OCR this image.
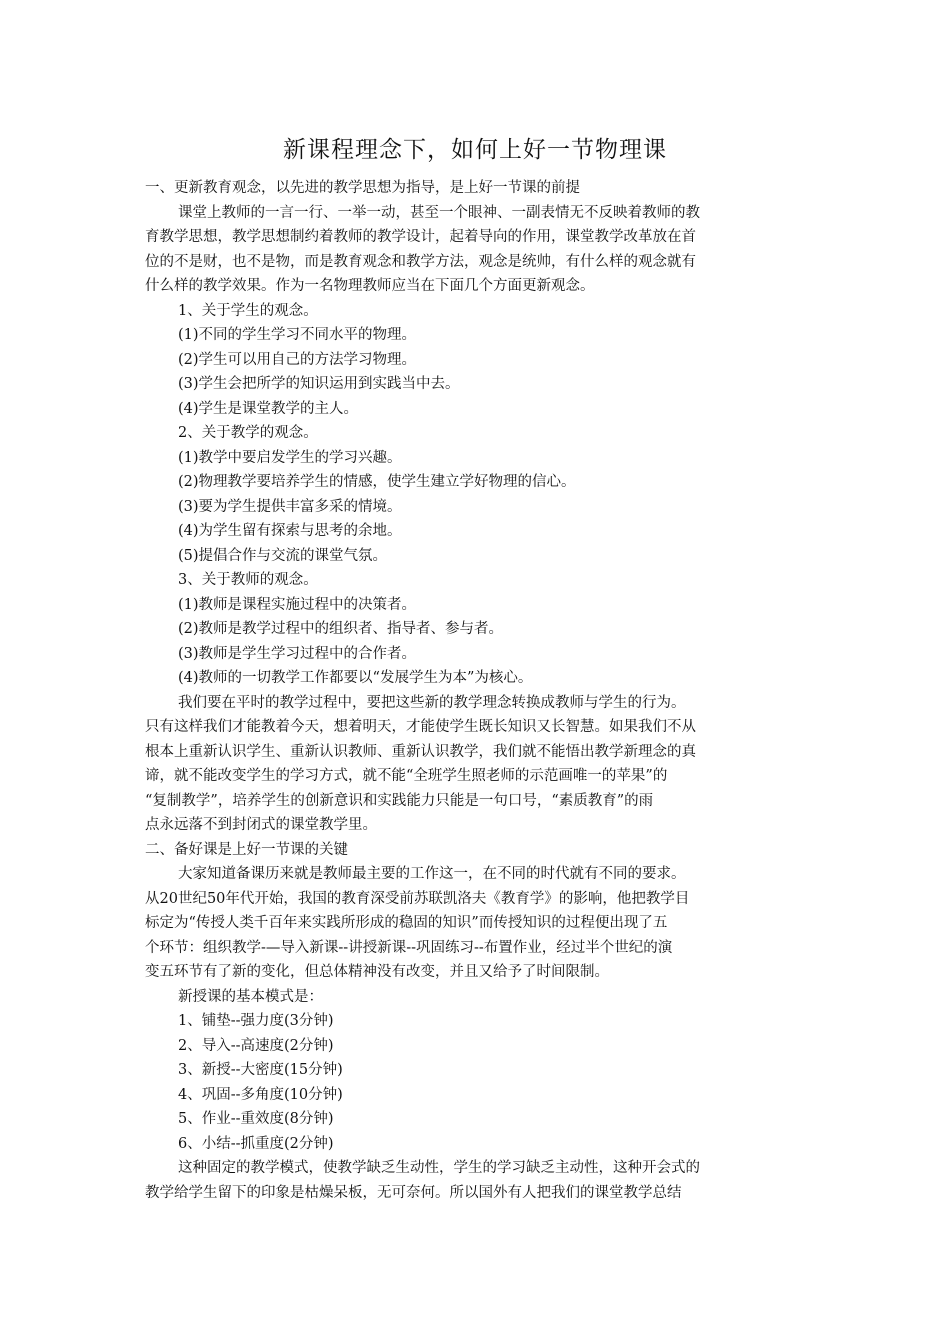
新课程理念下，如何上好一节物理课

一、更新教育观念，以先进的教学思想为指导，是上好一节课的前提

课堂上教师的一言一行、一举一动，甚至一个眼神、一副表情无不反映着教师的教

育教学思想，教学思想制约着教师的教学设计，起着导向的作用，课堂教学改革放在首

位的不是财，也不是物，而是教育观念和教学方法，观念是统帅，有什么样的观念就有

什么样的教学效果。作为一名物理教师应当在下面几个方面更新观念。

1、关于学生的观念。

(1)不同的学生学习不同水平的物理。

(2)学生可以用自己的方法学习物理。

(3)学生会把所学的知识运用到实践当中去。

(4)学生是课堂教学的主人。

2、关于教学的观念。

(1)教学中要启发学生的学习兴趣。

(2)物理教学要培养学生的情感，使学生建立学好物理的信心。

(3)要为学生提供丰富多采的情境。

(4)为学生留有探索与思考的余地。

(5)提倡合作与交流的课堂气氛。

3、关于教师的观念。

(1)教师是课程实施过程中的决策者。

(2)教师是教学过程中的组织者、指导者、参与者。

(3)教师是学生学习过程中的合作者。

(4)教师的一切教学工作都要以“发展学生为本”为核心。

我们要在平时的教学过程中，要把这些新的教学理念转换成教师与学生的行为。

只有这样我们才能教着今天，想着明天，才能使学生既长知识又长智慧。如果我们不从

根本上重新认识学生、重新认识教师、重新认识教学，我们就不能悟出教学新理念的真

谛，就不能改变学生的学习方式，就不能“全班学生照老师的示范画唯一的苹果”的

“复制教学”，培养学生的创新意识和实践能力只能是一句口号，“素质教育”的雨

点永远落不到封闭式的课堂教学里。

二、备好课是上好一节课的关键

大家知道备课历来就是教师最主要的工作这一，在不同的时代就有不同的要求。

从20世纪50年代开始，我国的教育深受前苏联凯洛夫《教育学》的影响，他把教学目

标定为“传授人类千百年来实践所形成的稳固的知识”而传授知识的过程便出现了五

个环节：组织教学-—导入新课--讲授新课--巩固练习--布置作业，经过半个世纪的演

变五环节有了新的变化，但总体精神没有改变，并且又给予了时间限制。

新授课的基本模式是：

1、铺垫--强力度(3分钟)

2、导入--高速度(2分钟)

3、新授--大密度(15分钟)

4、巩固--多角度(10分钟)

5、作业--重效度(8分钟)

6、小结--抓重度(2分钟)

这种固定的教学模式，使教学缺乏生动性，学生的学习缺乏主动性，这种开会式的

教学给学生留下的印象是枯燥呆板，无可奈何。所以国外有人把我们的课堂教学总结
